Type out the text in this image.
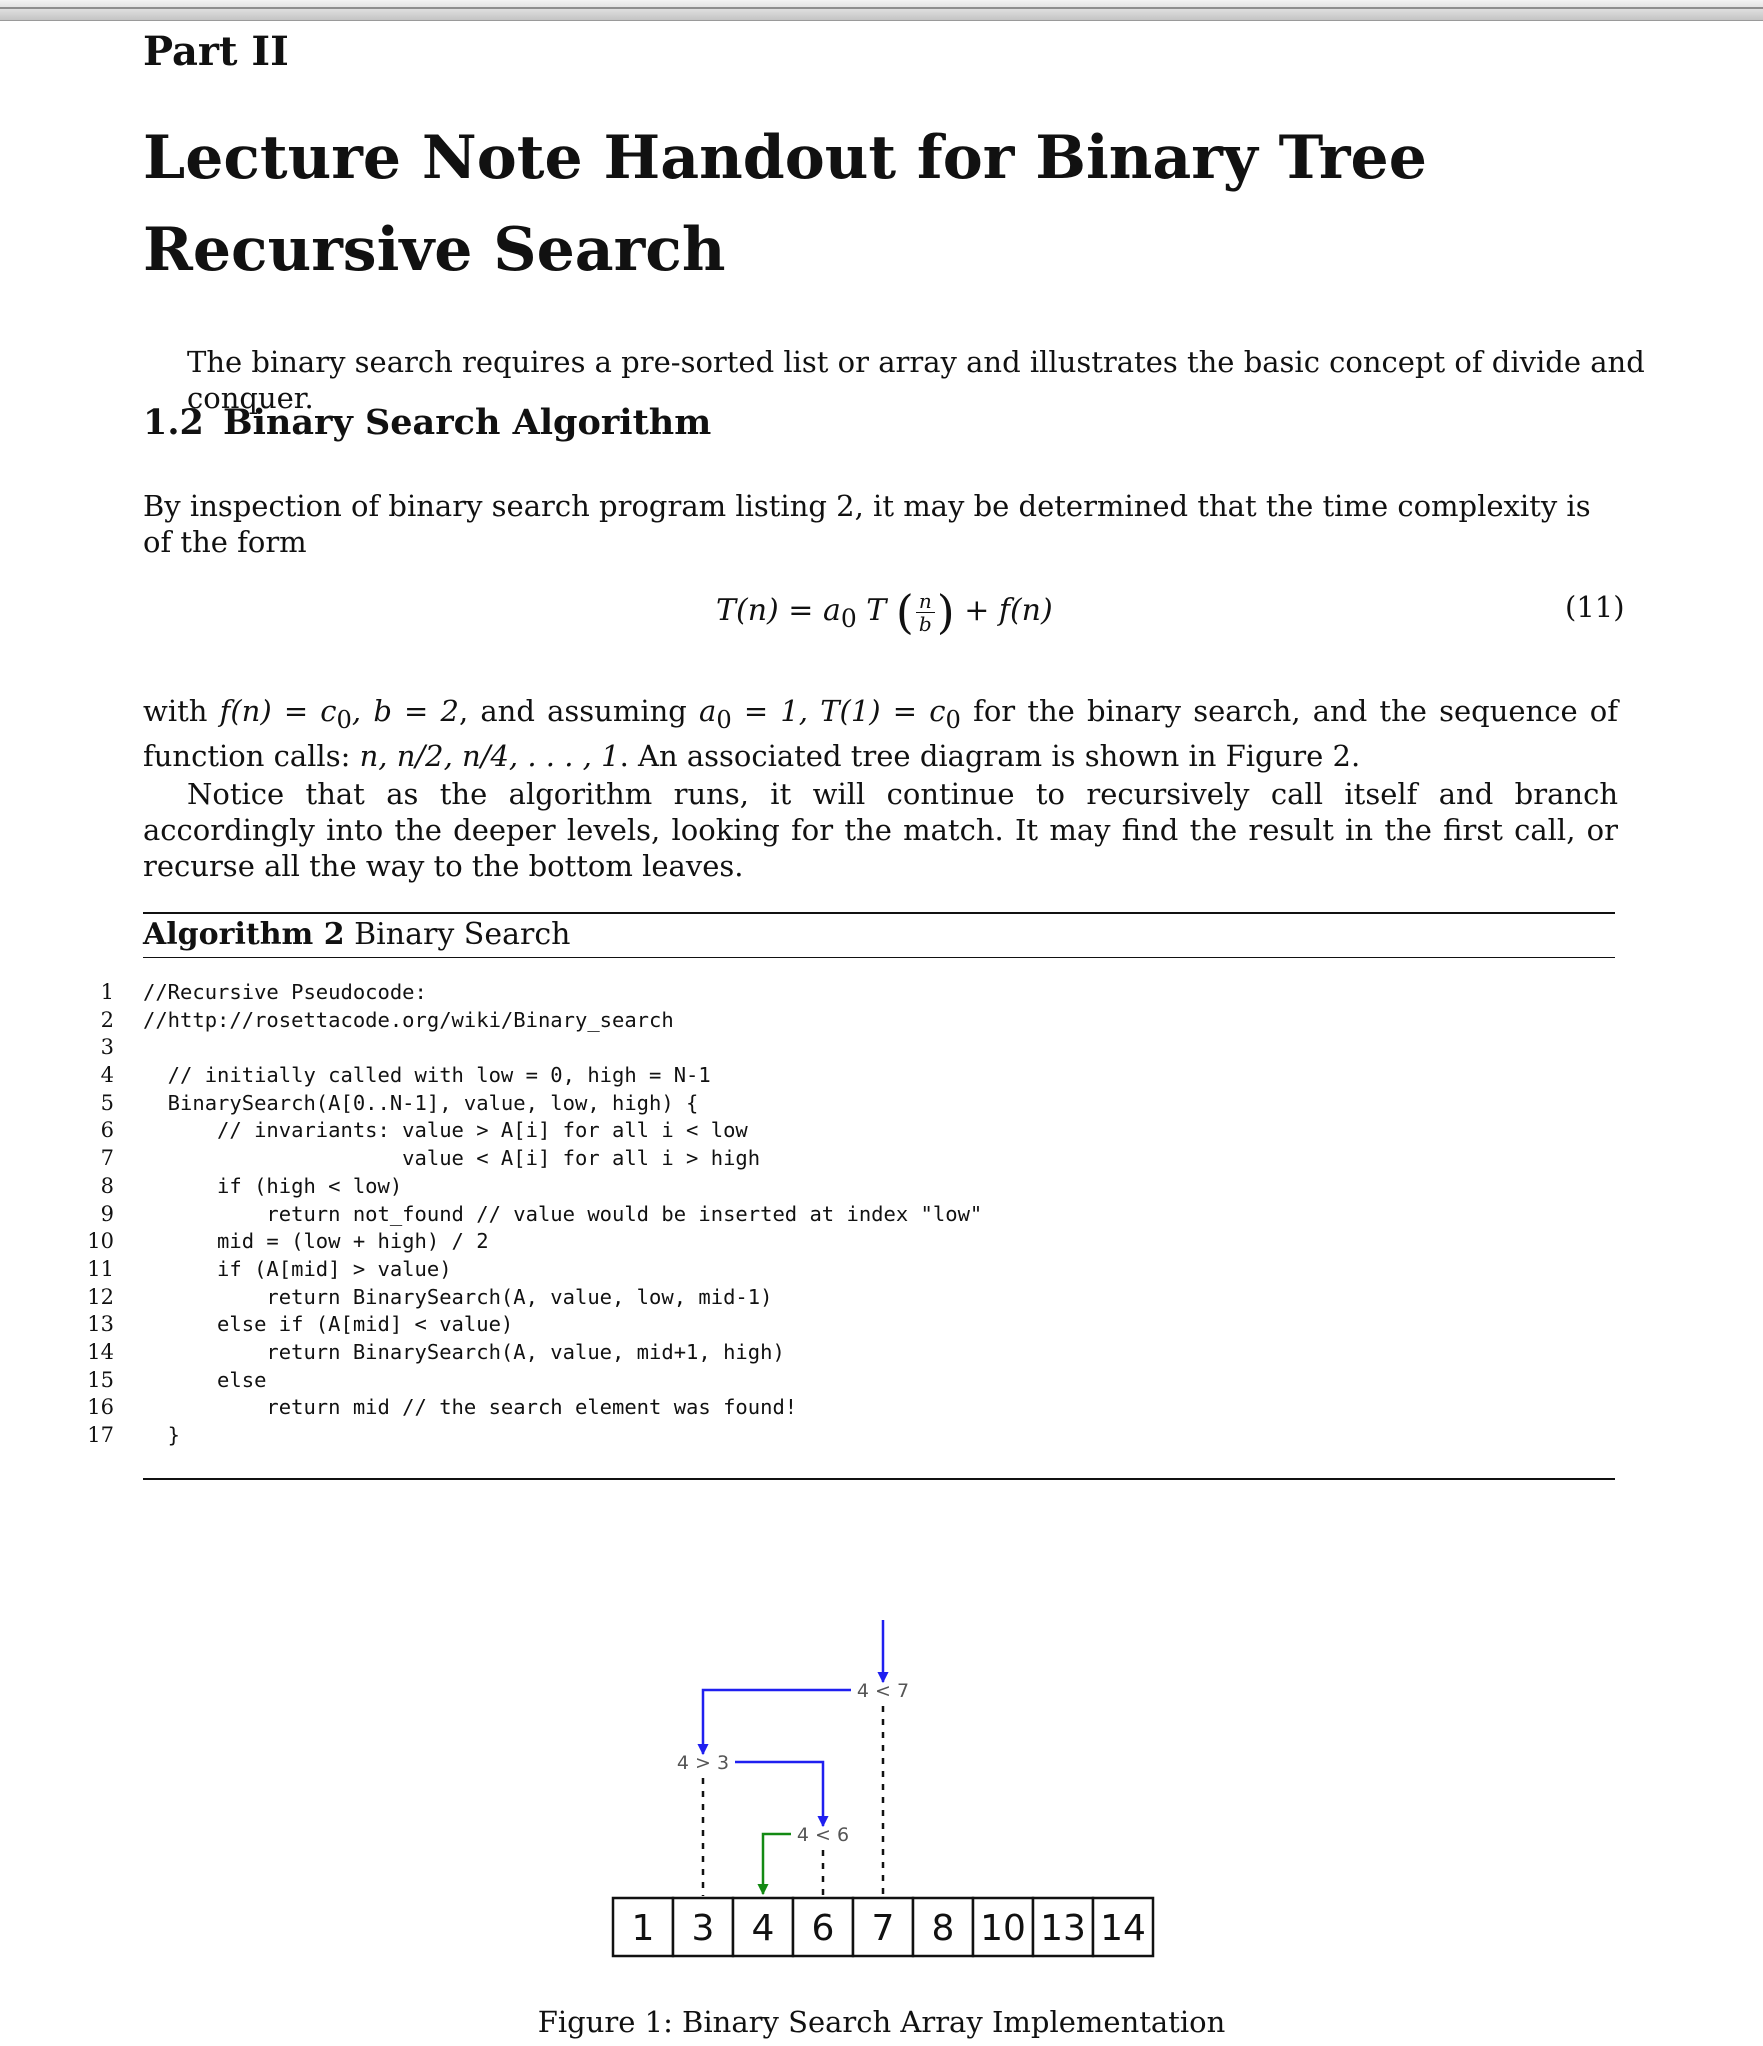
Part II
Lecture Note Handout for Binary Tree Recursive Search
The binary search requires a pre-sorted list or array and illustrates the basic concept of divide and conquer.
1.2 Binary Search Algorithm
By inspection of binary search program listing 2, it may be determined that the time complexity is of the form
$T(n) = a_0$ T ( $\frac{n}{b}$ ) + f(n)	(11)
with $f(n) = c_0$, b = 2, and assuming $a_0 = 1$, $T(1) = c_0$ for the binary search, and the sequence of function calls: n, n/2, n/4, . . . , 1. An associated tree diagram is shown in Figure 2.
Notice that as the algorithm runs, it will continue to recursively call itself and branch accordingly into the deeper levels, looking for the match. It may find the result in the first call, or recurse all the way to the bottom leaves.
Algorithm 2 Binary Search
1 //Recursive Pseudocode:
2 //http://rosettacode.org/wiki/Binary_search
3
4 // initially called with low = 0, high = N-1
5 BinarySearch(A[0..N-1], value, low, high) {
6 // invariants: value > A[i] for all i < low
7 value < A[i] for all i > high
8 if (high < low)
9 return not_found // value would be inserted at index "low"
10 mid = (low + high) / 2
11 if (A[mid] > value)
12 return BinarySearch(A, value, low, mid-1)
13 else if (A[mid] < value)
14 return BinarySearch(A, value, mid+1, high)
15 else
16 return mid // the search element was found!
17 }
4 < 7
4 > 3
4 < 6
1 3 4 6 7 8 10 13 14
Figure 1: Binary Search Array Implementation
